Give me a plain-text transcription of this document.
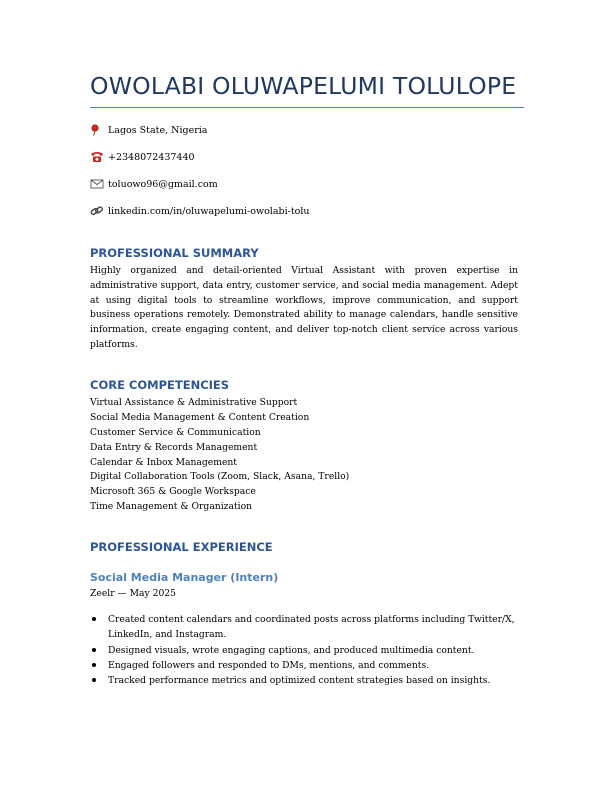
OWOLABI OLUWAPELUMI TOLULOPE
Lagos State, Nigeria
+2348072437440
toluowo96@gmail.com
linkedin.com/in/oluwapelumi-owolabi-tolu
PROFESSIONAL SUMMARY

Highly organized and detail-oriented Virtual Assistant with proven expertise in administrative support, data entry, customer service, and social media management. Adept at using digital tools to streamline workflows, improve communication, and support business operations remotely. Demonstrated ability to manage calendars, handle sensitive information, create engaging content, and deliver top-notch client service across various platforms.

CORE COMPETENCIES
Virtual Assistance & Administrative Support
Social Media Management & Content Creation
Customer Service & Communication
Data Entry & Records Management
Calendar & Inbox Management
Digital Collaboration Tools (Zoom, Slack, Asana, Trello)
Microsoft 365 & Google Workspace
Time Management & Organization
PROFESSIONAL EXPERIENCE
Social Media Manager (Intern)
Zeelr — May 2025
Created content calendars and coordinated posts across platforms including Twitter/X, LinkedIn, and Instagram.
Designed visuals, wrote engaging captions, and produced multimedia content.
Engaged followers and responded to DMs, mentions, and comments.
Tracked performance metrics and optimized content strategies based on insights.
